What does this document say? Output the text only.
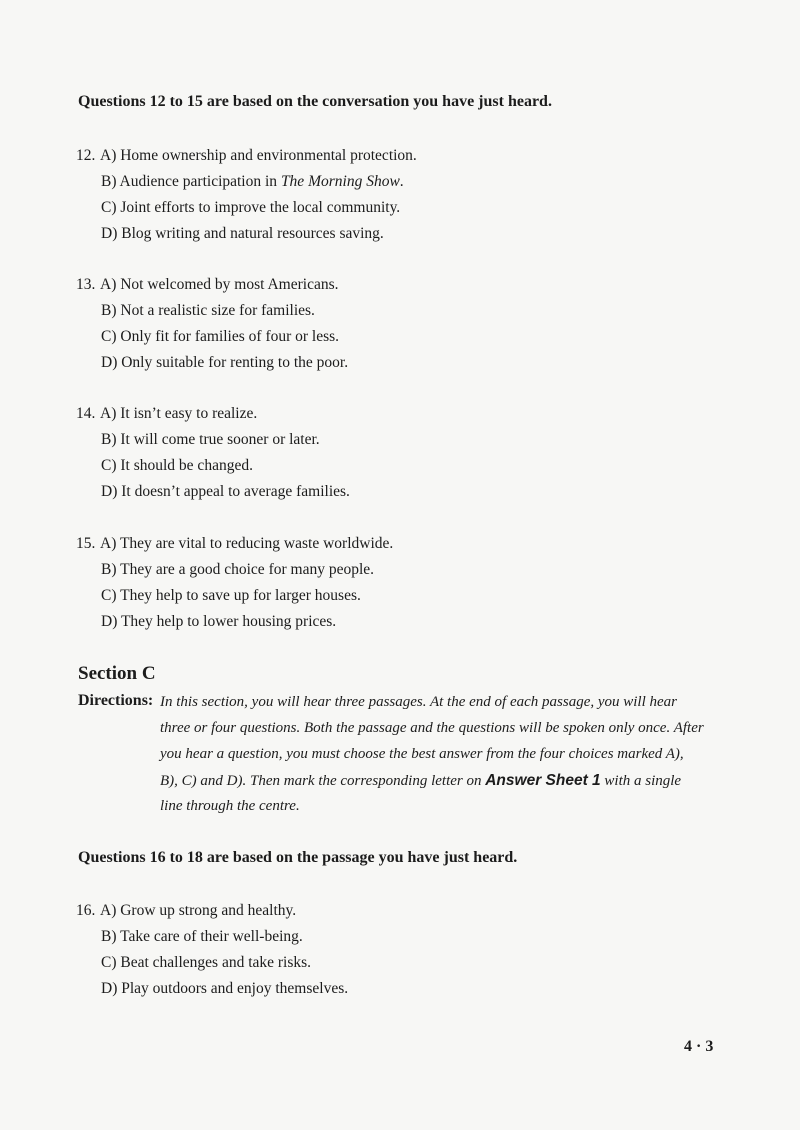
Questions 12 to 15 are based on the conversation you have just heard.
12. A) Home ownership and environmental protection.
B) Audience participation in The Morning Show.
C) Joint efforts to improve the local community.
D) Blog writing and natural resources saving.
13. A) Not welcomed by most Americans.
B) Not a realistic size for families.
C) Only fit for families of four or less.
D) Only suitable for renting to the poor.
14. A) It isn’t easy to realize.
B) It will come true sooner or later.
C) It should be changed.
D) It doesn’t appeal to average families.
15. A) They are vital to reducing waste worldwide.
B) They are a good choice for many people.
C) They help to save up for larger houses.
D) They help to lower housing prices.
Section C
Directions: In this section, you will hear three passages. At the end of each passage, you will hear
three or four questions. Both the passage and the questions will be spoken only once. After
you hear a question, you must choose the best answer from the four choices marked A),
B), C) and D). Then mark the corresponding letter on Answer Sheet 1 with a single
line through the centre.
Questions 16 to 18 are based on the passage you have just heard.
16. A) Grow up strong and healthy.
B) Take care of their well-being.
C) Beat challenges and take risks.
D) Play outdoors and enjoy themselves.
4 · 3
